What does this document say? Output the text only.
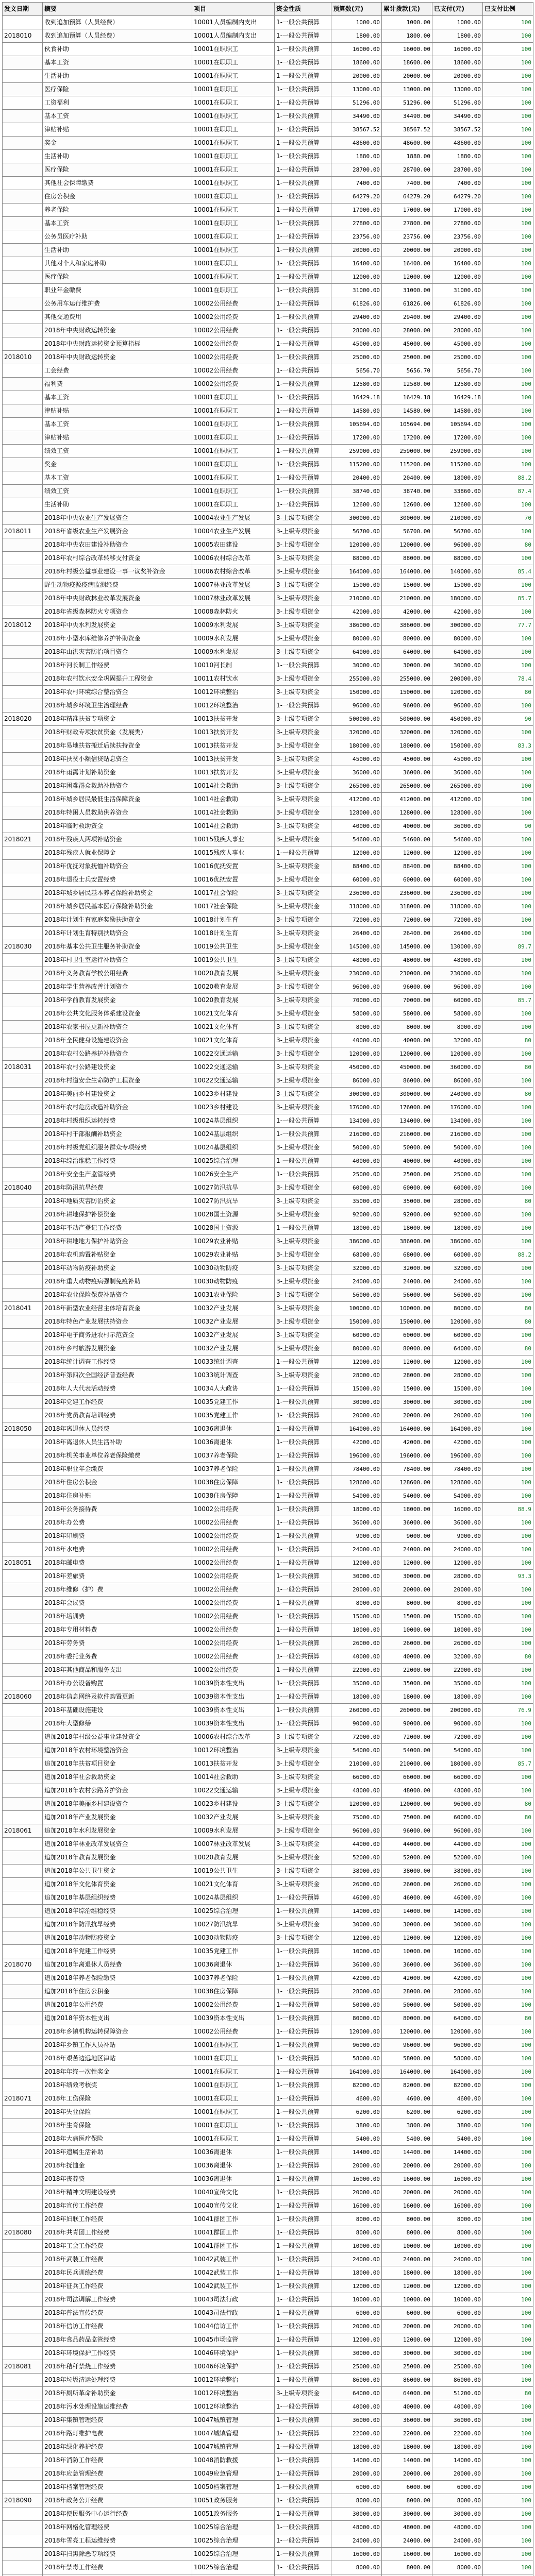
发文日期	摘要	项目	资金性质	预算数(元)	累计拨款(元)	已支付(元)	已支付比例
	收到追加预算（人员经费）	10001人员编制内支出	1-一般公共预算	1000.00	1000.00	1000.00	100
2018010	收到追加预算（人员经费）	10001人员编制内支出	1-一般公共预算	1800.00	1800.00	1800.00	100
	伙食补助	10001在职职工	1-一般公共预算	16000.00	16000.00	16000.00	100
	基本工资	10001在职职工	1-一般公共预算	18600.00	18600.00	18600.00	100
	生活补助	10001在职职工	1-一般公共预算	20000.00	20000.00	20000.00	100
	医疗保险	10001在职职工	1-一般公共预算	13000.00	13000.00	13000.00	100
	工资福利	10001在职职工	1-一般公共预算	51296.00	51296.00	51296.00	100
	基本工资	10001在职职工	1-一般公共预算	34490.00	34490.00	34490.00	100
	津贴补贴	10001在职职工	1-一般公共预算	38567.52	38567.52	38567.52	100
	奖金	10001在职职工	1-一般公共预算	48600.00	48600.00	48600.00	100
	生活补助	10001在职职工	1-一般公共预算	1880.00	1880.00	1880.00	100
	医疗保险	10001在职职工	1-一般公共预算	28700.00	28700.00	28700.00	100
	其他社会保障缴费	10001在职职工	1-一般公共预算	7400.00	7400.00	7400.00	100
	住房公积金	10001在职职工	1-一般公共预算	64279.20	64279.20	64279.20	100
	养老保险	10001在职职工	1-一般公共预算	17000.00	17000.00	17000.00	100
	基本工资	10001在职职工	1-一般公共预算	27800.00	27800.00	27800.00	100
	公务员医疗补助	10001在职职工	1-一般公共预算	23756.00	23756.00	23756.00	100
	生活补助	10001在职职工	1-一般公共预算	20000.00	20000.00	20000.00	100
	其他对个人和家庭补助	10001在职职工	1-一般公共预算	16400.00	16400.00	16400.00	100
	医疗保险	10001在职职工	1-一般公共预算	12000.00	12000.00	12000.00	100
	职业年金缴费	10001在职职工	1-一般公共预算	31000.00	31000.00	31000.00	100
	公务用车运行维护费	10002公用经费	1-一般公共预算	61826.00	61826.00	61826.00	100
	其他交通费用	10002公用经费	1-一般公共预算	29400.00	29400.00	29400.00	100
	2018年中央财政运转资金	10002公用经费	1-一般公共预算	28000.00	28000.00	28000.00	100
	2018年中央财政运转资金预算指标	10002公用经费	1-一般公共预算	45000.00	45000.00	45000.00	100
2018010	2018年中央财政运转资金	10002公用经费	1-一般公共预算	25000.00	25000.00	25000.00	100
	工会经费	10002公用经费	1-一般公共预算	5656.70	5656.70	5656.70	100
	福利费	10002公用经费	1-一般公共预算	12580.00	12580.00	12580.00	100
	基本工资	10001在职职工	1-一般公共预算	16429.18	16429.18	16429.18	100
	津贴补贴	10001在职职工	1-一般公共预算	14580.00	14580.00	14580.00	100
	基本工资	10001在职职工	1-一般公共预算	105694.00	105694.00	105694.00	100
	津贴补贴	10001在职职工	1-一般公共预算	17200.00	17200.00	17200.00	100
	绩效工资	10001在职职工	1-一般公共预算	259000.00	259000.00	259000.00	100
	奖金	10001在职职工	1-一般公共预算	115200.00	115200.00	115200.00	100
	基本工资	10001在职职工	1-一般公共预算	20400.00	20400.00	18000.00	88.2
	绩效工资	10001在职职工	1-一般公共预算	38740.00	38740.00	33860.00	87.4
	生活补助	10001在职职工	1-一般公共预算	12600.00	12600.00	12600.00	100
	2018年中央农业生产发展资金	10004农业生产发展	3-上级专项资金	300000.00	300000.00	210000.00	70
2018011	2018年省级农业生产发展资金	10004农业生产发展	3-上级专项资金	56700.00	56700.00	56700.00	100
	2018年中央农田建设补助资金	10005农田建设	3-上级专项资金	120000.00	120000.00	96000.00	80
	2018年农村综合改革转移支付资金	10006农村综合改革	3-上级专项资金	88000.00	88000.00	88000.00	100
	2018年村级公益事业建设一事一议奖补资金	10006农村综合改革	3-上级专项资金	164000.00	164000.00	140000.00	85.4
	野生动物疫源疫病监测经费	10007林业改革发展	3-上级专项资金	15000.00	15000.00	15000.00	100
	2018年中央财政林业改革发展资金	10007林业改革发展	3-上级专项资金	210000.00	210000.00	180000.00	85.7
	2018年省级森林防火专项资金	10008森林防火	3-上级专项资金	42000.00	42000.00	42000.00	100
2018012	2018年中央水利发展资金	10009水利发展	3-上级专项资金	386000.00	386000.00	300000.00	77.7
	2018年小型水库维修养护补助资金	10009水利发展	3-上级专项资金	80000.00	80000.00	80000.00	100
	2018年山洪灾害防治项目资金	10009水利发展	3-上级专项资金	64000.00	64000.00	64000.00	100
	2018年河长制工作经费	10010河长制	1-一般公共预算	30000.00	30000.00	30000.00	100
	2018年农村饮水安全巩固提升工程资金	10011农村饮水	3-上级专项资金	255000.00	255000.00	200000.00	78.4
	2018年农村环境综合整治资金	10012环境整治	3-上级专项资金	150000.00	150000.00	120000.00	80
	2018年城乡环境卫生治理经费	10012环境整治	1-一般公共预算	96000.00	96000.00	96000.00	100
2018020	2018年精准扶贫专项资金	10013扶贫开发	3-上级专项资金	500000.00	500000.00	450000.00	90
	2018年财政专项扶贫资金（发展类）	10013扶贫开发	3-上级专项资金	320000.00	320000.00	320000.00	100
	2018年易地扶贫搬迁后续扶持资金	10013扶贫开发	3-上级专项资金	180000.00	180000.00	150000.00	83.3
	2018年扶贫小额信贷贴息资金	10013扶贫开发	3-上级专项资金	45000.00	45000.00	45000.00	100
	2018年雨露计划补助资金	10013扶贫开发	3-上级专项资金	36000.00	36000.00	36000.00	100
	2018年困难群众救助补助资金	10014社会救助	3-上级专项资金	265000.00	265000.00	265000.00	100
	2018年城乡居民最低生活保障资金	10014社会救助	3-上级专项资金	412000.00	412000.00	412000.00	100
	2018年特困人员救助供养资金	10014社会救助	3-上级专项资金	128000.00	128000.00	128000.00	100
	2018年临时救助资金	10014社会救助	3-上级专项资金	40000.00	40000.00	36000.00	90
2018021	2018年残疾人两项补贴资金	10015残疾人事业	3-上级专项资金	54600.00	54600.00	54600.00	100
	2018年残疾人就业保障金	10015残疾人事业	1-一般公共预算	12000.00	12000.00	12000.00	100
	2018年优抚对象抚恤补助资金	10016优抚安置	3-上级专项资金	88400.00	88400.00	88400.00	100
	2018年退役士兵安置经费	10016优抚安置	3-上级专项资金	60000.00	60000.00	60000.00	100
	2018年城乡居民基本养老保险补助资金	10017社会保险	3-上级专项资金	236000.00	236000.00	236000.00	100
	2018年城乡居民基本医疗保险补助资金	10017社会保险	3-上级专项资金	318000.00	318000.00	318000.00	100
	2018年计划生育家庭奖励扶助资金	10018计划生育	3-上级专项资金	72000.00	72000.00	72000.00	100
	2018年计划生育特别扶助资金	10018计划生育	3-上级专项资金	26400.00	26400.00	26400.00	100
2018030	2018年基本公共卫生服务补助资金	10019公共卫生	3-上级专项资金	145000.00	145000.00	130000.00	89.7
	2018年村卫生室运行补助资金	10019公共卫生	3-上级专项资金	48000.00	48000.00	48000.00	100
	2018年义务教育学校公用经费	10020教育发展	3-上级专项资金	230000.00	230000.00	230000.00	100
	2018年学生营养改善计划资金	10020教育发展	3-上级专项资金	96000.00	96000.00	96000.00	100
	2018年学前教育发展资金	10020教育发展	3-上级专项资金	70000.00	70000.00	60000.00	85.7
	2018年公共文化服务体系建设资金	10021文化体育	3-上级专项资金	58000.00	58000.00	58000.00	100
	2018年农家书屋更新补助资金	10021文化体育	3-上级专项资金	8000.00	8000.00	8000.00	100
	2018年全民健身设施建设资金	10021文化体育	3-上级专项资金	40000.00	40000.00	32000.00	80
	2018年农村公路养护补助资金	10022交通运输	3-上级专项资金	120000.00	120000.00	120000.00	100
2018031	2018年农村公路建设资金	10022交通运输	3-上级专项资金	450000.00	450000.00	360000.00	80
	2018年村道安全生命防护工程资金	10022交通运输	3-上级专项资金	86000.00	86000.00	86000.00	100
	2018年美丽乡村建设资金	10023乡村建设	3-上级专项资金	300000.00	300000.00	240000.00	80
	2018年农村危房改造补助资金	10023乡村建设	3-上级专项资金	176000.00	176000.00	176000.00	100
	2018年村级组织运转经费	10024基层组织	1-一般公共预算	134000.00	134000.00	134000.00	100
	2018年村干部报酬补助资金	10024基层组织	1-一般公共预算	216000.00	216000.00	216000.00	100
	2018年村级党组织服务群众专项经费	10024基层组织	3-上级专项资金	50000.00	50000.00	50000.00	100
	2018年综治维稳工作经费	10025综合治理	1-一般公共预算	40000.00	40000.00	40000.00	100
	2018年安全生产监管经费	10026安全生产	1-一般公共预算	25000.00	25000.00	25000.00	100
2018040	2018年防汛抗旱经费	10027防汛抗旱	3-上级专项资金	60000.00	60000.00	60000.00	100
	2018年地质灾害防治资金	10027防汛抗旱	3-上级专项资金	35000.00	35000.00	28000.00	80
	2018年耕地保护补偿资金	10028国土资源	3-上级专项资金	92000.00	92000.00	92000.00	100
	2018年不动产登记工作经费	10028国土资源	1-一般公共预算	18000.00	18000.00	18000.00	100
	2018年耕地地力保护补贴资金	10029农业补贴	3-上级专项资金	386000.00	386000.00	386000.00	100
	2018年农机购置补贴资金	10029农业补贴	3-上级专项资金	68000.00	68000.00	60000.00	88.2
	2018年动物防疫补助资金	10030动物防疫	3-上级专项资金	32000.00	32000.00	32000.00	100
	2018年重大动物疫病强制免疫补助	10030动物防疫	3-上级专项资金	24000.00	24000.00	24000.00	100
	2018年农业保险保费补贴资金	10031农业保险	3-上级专项资金	56000.00	56000.00	56000.00	100
2018041	2018年新型农业经营主体培育资金	10032产业发展	3-上级专项资金	100000.00	100000.00	80000.00	80
	2018年特色产业发展扶持资金	10032产业发展	3-上级专项资金	150000.00	150000.00	120000.00	80
	2018年电子商务进农村示范资金	10032产业发展	3-上级专项资金	60000.00	60000.00	60000.00	100
	2018年乡村旅游发展资金	10032产业发展	3-上级专项资金	80000.00	80000.00	64000.00	80
	2018年统计调查工作经费	10033统计调查	1-一般公共预算	12000.00	12000.00	12000.00	100
	2018年第四次全国经济普查经费	10033统计调查	3-上级专项资金	28000.00	28000.00	28000.00	100
	2018年人大代表活动经费	10034人大政协	1-一般公共预算	15000.00	15000.00	15000.00	100
	2018年党建工作经费	10035党建工作	1-一般公共预算	30000.00	30000.00	30000.00	100
	2018年党员教育培训经费	10035党建工作	1-一般公共预算	20000.00	20000.00	20000.00	100
2018050	2018年离退休人员经费	10036离退休	1-一般公共预算	164000.00	164000.00	164000.00	100
	2018年离退休人员生活补助	10036离退休	1-一般公共预算	42000.00	42000.00	42000.00	100
	2018年机关事业单位养老保险缴费	10037养老保险	1-一般公共预算	196000.00	196000.00	196000.00	100
	2018年职业年金缴费	10037养老保险	1-一般公共预算	78400.00	78400.00	78400.00	100
	2018年住房公积金	10038住房保障	1-一般公共预算	128600.00	128600.00	128600.00	100
	2018年住房补贴	10038住房保障	1-一般公共预算	54000.00	54000.00	54000.00	100
	2018年公务接待费	10002公用经费	1-一般公共预算	18000.00	18000.00	16000.00	88.9
	2018年办公费	10002公用经费	1-一般公共预算	36000.00	36000.00	36000.00	100
	2018年印刷费	10002公用经费	1-一般公共预算	9000.00	9000.00	9000.00	100
	2018年水电费	10002公用经费	1-一般公共预算	24000.00	24000.00	24000.00	100
2018051	2018年邮电费	10002公用经费	1-一般公共预算	12000.00	12000.00	12000.00	100
	2018年差旅费	10002公用经费	1-一般公共预算	30000.00	30000.00	28000.00	93.3
	2018年维修（护）费	10002公用经费	1-一般公共预算	20000.00	20000.00	20000.00	100
	2018年会议费	10002公用经费	1-一般公共预算	8000.00	8000.00	8000.00	100
	2018年培训费	10002公用经费	1-一般公共预算	15000.00	15000.00	15000.00	100
	2018年专用材料费	10002公用经费	1-一般公共预算	10000.00	10000.00	10000.00	100
	2018年劳务费	10002公用经费	1-一般公共预算	26000.00	26000.00	26000.00	100
	2018年委托业务费	10002公用经费	1-一般公共预算	40000.00	40000.00	32000.00	80
	2018年其他商品和服务支出	10002公用经费	1-一般公共预算	22000.00	22000.00	22000.00	100
	2018年办公设备购置	10039资本性支出	1-一般公共预算	35000.00	35000.00	35000.00	100
2018060	2018年信息网络及软件购置更新	10039资本性支出	1-一般公共预算	18000.00	18000.00	18000.00	100
	2018年基础设施建设	10039资本性支出	1-一般公共预算	260000.00	260000.00	200000.00	76.9
	2018年大型修缮	10039资本性支出	1-一般公共预算	90000.00	90000.00	90000.00	100
	追加2018年村级公益事业建设资金	10006农村综合改革	3-上级专项资金	72000.00	72000.00	72000.00	100
	追加2018年农村环境整治资金	10012环境整治	3-上级专项资金	54000.00	54000.00	54000.00	100
	追加2018年扶贫项目资金	10013扶贫开发	3-上级专项资金	210000.00	210000.00	180000.00	85.7
	追加2018年社会救助资金	10014社会救助	3-上级专项资金	66000.00	66000.00	66000.00	100
	追加2018年农村公路养护资金	10022交通运输	3-上级专项资金	48000.00	48000.00	48000.00	100
	追加2018年美丽乡村建设资金	10023乡村建设	3-上级专项资金	120000.00	120000.00	96000.00	80
	追加2018年产业发展资金	10032产业发展	3-上级专项资金	75000.00	75000.00	60000.00	80
2018061	追加2018年水利发展资金	10009水利发展	3-上级专项资金	96000.00	96000.00	96000.00	100
	追加2018年林业改革发展资金	10007林业改革发展	3-上级专项资金	44000.00	44000.00	44000.00	100
	追加2018年教育发展资金	10020教育发展	3-上级专项资金	52000.00	52000.00	52000.00	100
	追加2018年公共卫生资金	10019公共卫生	3-上级专项资金	38000.00	38000.00	38000.00	100
	追加2018年文化体育资金	10021文化体育	3-上级专项资金	26000.00	26000.00	26000.00	100
	追加2018年基层组织经费	10024基层组织	1-一般公共预算	46000.00	46000.00	46000.00	100
	追加2018年综治维稳经费	10025综合治理	1-一般公共预算	14000.00	14000.00	14000.00	100
	追加2018年防汛抗旱经费	10027防汛抗旱	3-上级专项资金	30000.00	30000.00	30000.00	100
	追加2018年动物防疫资金	10030动物防疫	3-上级专项资金	12000.00	12000.00	12000.00	100
	追加2018年党建工作经费	10035党建工作	1-一般公共预算	10000.00	10000.00	10000.00	100
2018070	追加2018年离退休人员经费	10036离退休	1-一般公共预算	36000.00	36000.00	36000.00	100
	追加2018年养老保险缴费	10037养老保险	1-一般公共预算	42000.00	42000.00	42000.00	100
	追加2018年住房公积金	10038住房保障	1-一般公共预算	28000.00	28000.00	28000.00	100
	追加2018年公用经费	10002公用经费	1-一般公共预算	50000.00	50000.00	50000.00	100
	追加2018年资本性支出	10039资本性支出	1-一般公共预算	80000.00	80000.00	64000.00	80
	2018年乡镇机构运转保障资金	10002公用经费	1-一般公共预算	120000.00	120000.00	120000.00	100
	2018年乡镇工作人员补贴	10001在职职工	1-一般公共预算	96000.00	96000.00	96000.00	100
	2018年艰苦边远地区津贴	10001在职职工	1-一般公共预算	58000.00	58000.00	58000.00	100
	2018年年终一次性奖金	10001在职职工	1-一般公共预算	164000.00	164000.00	164000.00	100
	2018年绩效考核奖	10001在职职工	1-一般公共预算	82000.00	82000.00	82000.00	100
2018071	2018年工伤保险	10001在职职工	1-一般公共预算	4600.00	4600.00	4600.00	100
	2018年失业保险	10001在职职工	1-一般公共预算	6200.00	6200.00	6200.00	100
	2018年生育保险	10001在职职工	1-一般公共预算	3800.00	3800.00	3800.00	100
	2018年大病医疗保险	10001在职职工	1-一般公共预算	5400.00	5400.00	5400.00	100
	2018年遗属生活补助	10036离退休	1-一般公共预算	14400.00	14400.00	14400.00	100
	2018年抚恤金	10036离退休	1-一般公共预算	20000.00	20000.00	20000.00	100
	2018年丧葬费	10036离退休	1-一般公共预算	16000.00	16000.00	16000.00	100
	2018年精神文明建设经费	10040宣传文化	1-一般公共预算	20000.00	20000.00	20000.00	100
	2018年宣传工作经费	10040宣传文化	1-一般公共预算	16000.00	16000.00	16000.00	100
	2018年妇联工作经费	10041群团工作	1-一般公共预算	8000.00	8000.00	8000.00	100
2018080	2018年共青团工作经费	10041群团工作	1-一般公共预算	8000.00	8000.00	8000.00	100
	2018年工会工作经费	10041群团工作	1-一般公共预算	10000.00	10000.00	10000.00	100
	2018年武装工作经费	10042武装工作	1-一般公共预算	24000.00	24000.00	24000.00	100
	2018年民兵训练经费	10042武装工作	1-一般公共预算	18000.00	18000.00	18000.00	100
	2018年征兵工作经费	10042武装工作	1-一般公共预算	12000.00	12000.00	12000.00	100
	2018年司法调解工作经费	10043司法行政	1-一般公共预算	10000.00	10000.00	10000.00	100
	2018年普法宣传经费	10043司法行政	1-一般公共预算	6000.00	6000.00	6000.00	100
	2018年信访工作经费	10044信访工作	1-一般公共预算	20000.00	20000.00	20000.00	100
	2018年食品药品监管经费	10045市场监管	1-一般公共预算	12000.00	12000.00	12000.00	100
	2018年环境保护工作经费	10046环境保护	1-一般公共预算	30000.00	30000.00	30000.00	100
2018081	2018年秸秆禁烧工作经费	10046环境保护	1-一般公共预算	25000.00	25000.00	25000.00	100
	2018年垃圾清运处理经费	10012环境整治	1-一般公共预算	86000.00	86000.00	86000.00	100
	2018年厕所革命补助资金	10012环境整治	3-上级专项资金	64000.00	64000.00	51200.00	80
	2018年污水处理设施运维经费	10012环境整治	1-一般公共预算	40000.00	40000.00	40000.00	100
	2018年集镇管理经费	10047城镇管理	1-一般公共预算	36000.00	36000.00	36000.00	100
	2018年路灯维护电费	10047城镇管理	1-一般公共预算	22000.00	22000.00	22000.00	100
	2018年绿化养护经费	10047城镇管理	1-一般公共预算	18000.00	18000.00	18000.00	100
	2018年消防工作经费	10048消防救援	1-一般公共预算	14000.00	14000.00	14000.00	100
	2018年应急管理经费	10049应急管理	1-一般公共预算	20000.00	20000.00	20000.00	100
	2018年档案管理经费	10050档案管理	1-一般公共预算	6000.00	6000.00	6000.00	100
2018090	2018年政务公开经费	10051政务服务	1-一般公共预算	8000.00	8000.00	8000.00	100
	2018年便民服务中心运行经费	10051政务服务	1-一般公共预算	30000.00	30000.00	30000.00	100
	2018年网格化管理经费	10025综合治理	1-一般公共预算	48000.00	48000.00	48000.00	100
	2018年雪亮工程运维经费	10025综合治理	1-一般公共预算	24000.00	24000.00	24000.00	100
	2018年扫黑除恶专项经费	10025综合治理	1-一般公共预算	16000.00	16000.00	16000.00	100
	2018年禁毒工作经费	10025综合治理	1-一般公共预算	8000.00	8000.00	8000.00	100
